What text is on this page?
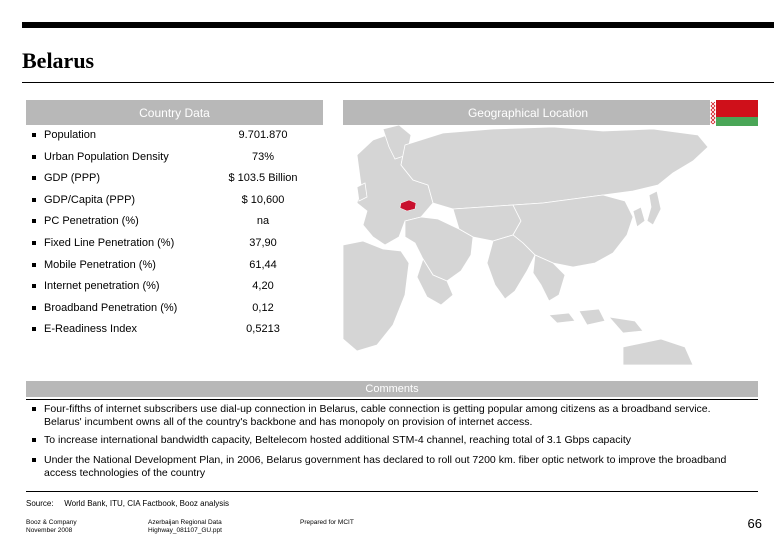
Belarus
Country Data	Geographical Location
Population	9.701.870
Urban Population Density	73%
GDP (PPP)	$ 103.5 Billion
GDP/Capita (PPP)	$ 10,600
PC Penetration (%)	na
Fixed Line Penetration (%)	37,90
Mobile Penetration (%)	61,44
Internet penetration (%)	4,20
Broadband Penetration (%)	0,12
E-Readiness Index	0,5213
Comments
Four-fifths of internet subscribers use dial-up connection in Belarus, cable connection is getting popular among citizens as a broadband service. Belarus' incumbent owns all of the country's backbone and has monopoly on provision of internet access.
To increase international bandwidth capacity, Beltelecom hosted additional STM-4 channel, reaching total of 3.1 Gbps capacity
Under the National Development Plan, in 2006, Belarus government has declared to roll out 7200 km. fiber optic network to improve the broadband access technologies of the country
Source: World Bank, ITU, CIA Factbook, Booz analysis
Booz & Company
November 2008
Azerbaijan Regional Data
Highway_081107_GU.ppt
Prepared for MCIT	66
